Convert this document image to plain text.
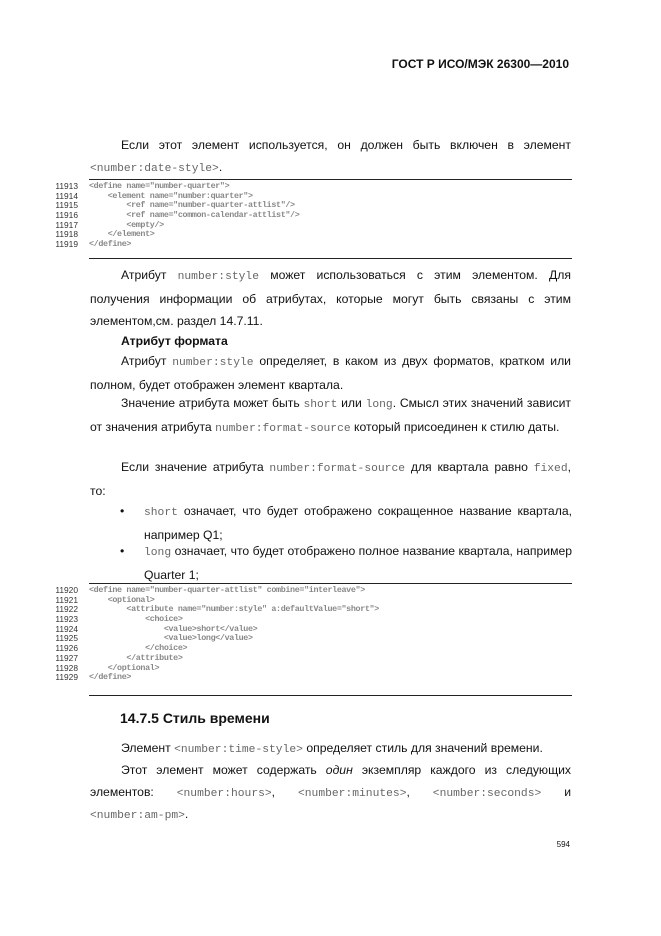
ГОСТ Р ИСО/МЭК 26300—2010
Если этот элемент используется, он должен быть включен в элемент
<number:date-style>.
11913 <define name="number-quarter">
11914 <element name="number:quarter">
11915 <ref name="number-quarter-attlist"/>
11916 <ref name="common-calendar-attlist"/>
11917 <empty/>
11918 </element>
11919 </define>
Атрибут number:style может использоваться с этим элементом. Для получения информации об атрибутах, которые могут быть связаны с этим элементом,см. раздел 14.7.11.
Атрибут формата
Атрибут number:style определяет, в каком из двух форматов, кратком или полном, будет отображен элемент квартала.
Значение атрибута может быть short или long. Смысл этих значений зависит от значения атрибута number:format-source который присоединен к стилю даты.
Если значение атрибута number:format-source для квартала равно fixed, то:
• short означает, что будет отображено сокращенное название квартала, например Q1;
• long означает, что будет отображено полное название квартала, например Quarter 1;
11920 <define name="number-quarter-attlist" combine="interleave">
11921 <optional>
11922 <attribute name="number:style" a:defaultValue="short">
11923 <choice>
11924 <value>short</value>
11925 <value>long</value>
11926 </choice>
11927 </attribute>
11928 </optional>
11929 </define>
14.7.5 Стиль времени
Элемент <number:time-style> определяет стиль для значений времени.
Этот элемент может содержать один экземпляр каждого из следующих элементов: <number:hours>, <number:minutes>, <number:seconds> и
<number:am-pm>.
594
